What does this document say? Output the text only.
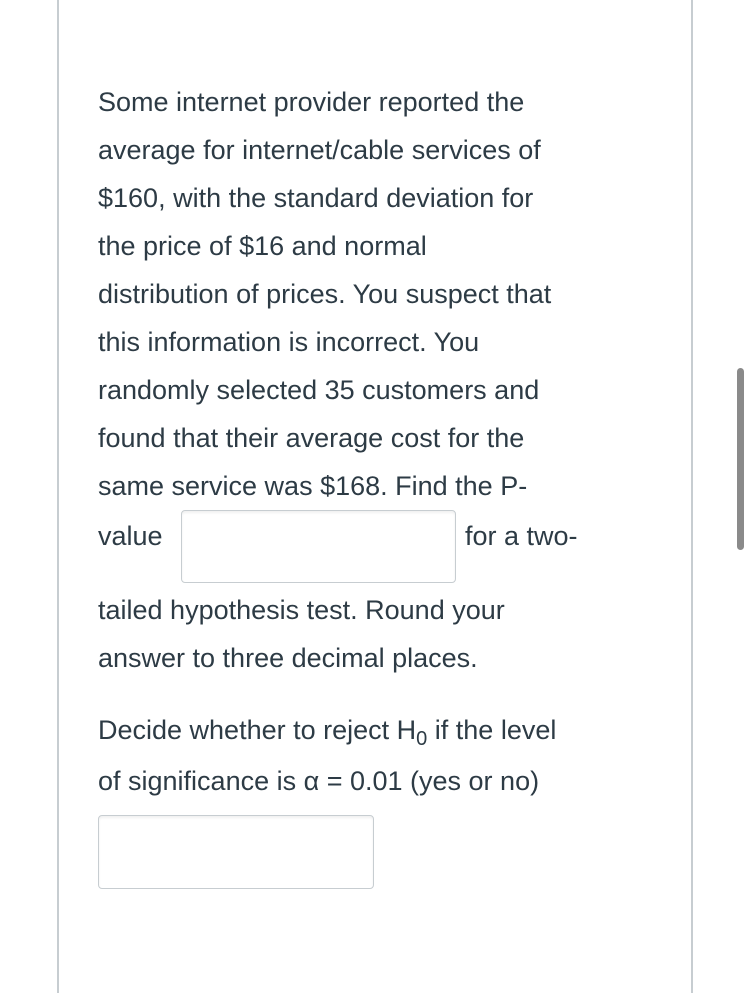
Some internet provider reported the

average for internet/cable services of

$160, with the standard deviation for

the price of $16 and normal

distribution of prices. You suspect that

this information is incorrect. You

randomly selected 35 customers and

found that their average cost for the

same service was $168. Find the P-

value	for a two-

tailed hypothesis test. Round your

answer to three decimal places.

Decide whether to reject $H_0$ if the level

of significance is α = 0.01 (yes or no)
